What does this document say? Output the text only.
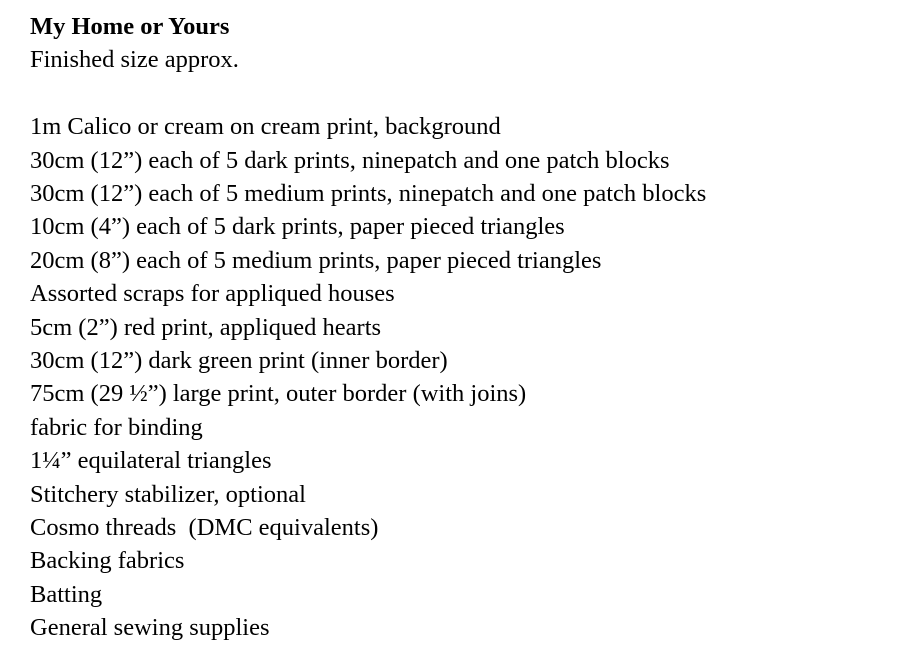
My Home or Yours

Finished size approx.

1m Calico or cream on cream print, background

30cm (12”) each of 5 dark prints, ninepatch and one patch blocks

30cm (12”) each of 5 medium prints, ninepatch and one patch blocks

10cm (4”) each of 5 dark prints, paper pieced triangles

20cm (8”) each of 5 medium prints, paper pieced triangles

Assorted scraps for appliqued houses

5cm (2”) red print, appliqued hearts

30cm (12”) dark green print (inner border)

75cm (29 ½”) large print, outer border (with joins)

fabric for binding

1¼” equilateral triangles

Stitchery stabilizer, optional

Cosmo threads  (DMC equivalents)

Backing fabrics

Batting

General sewing supplies
